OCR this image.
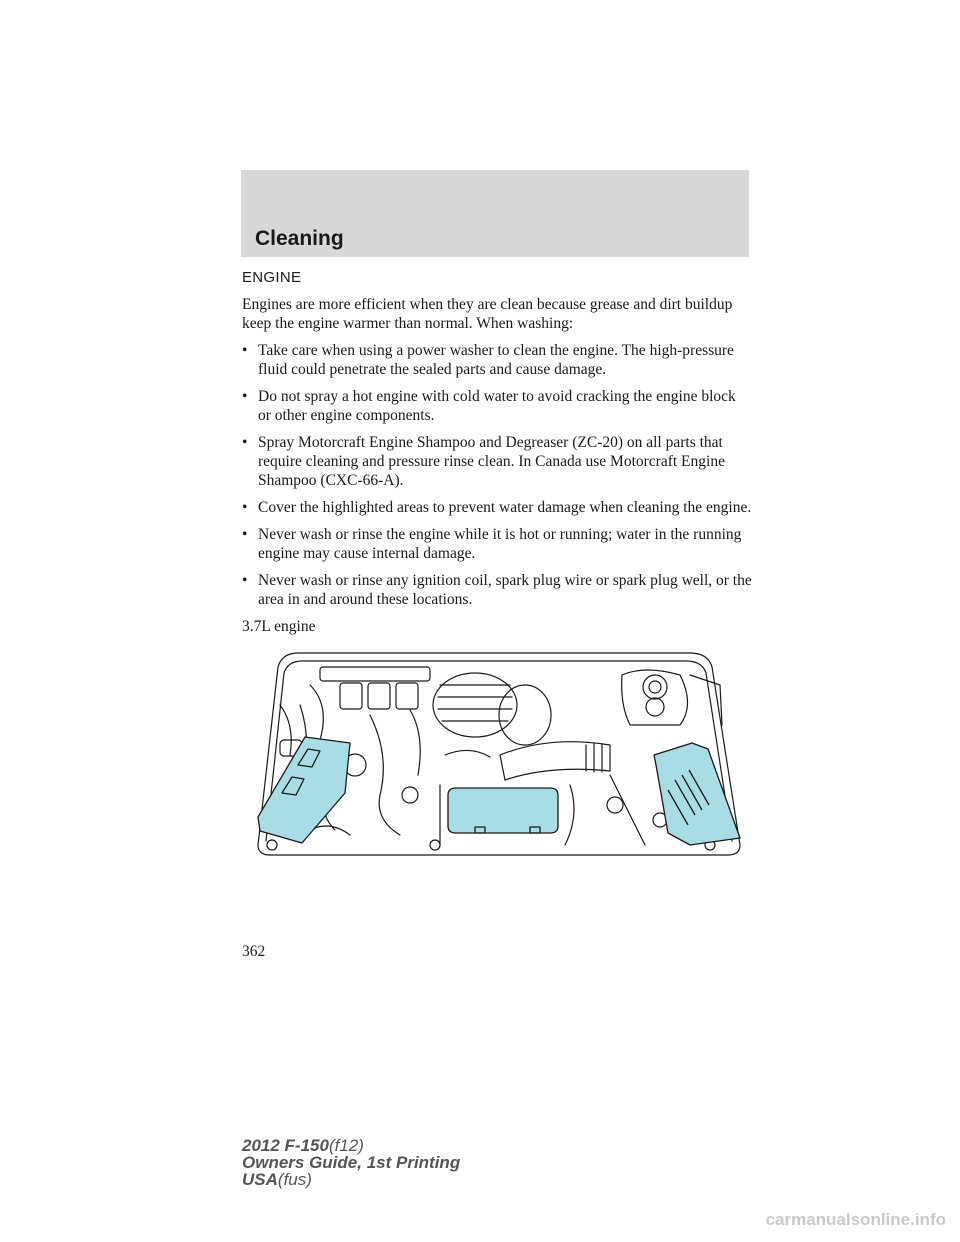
Cleaning
ENGINE

Engines are more efficient when they are clean because grease and dirt buildup keep the engine warmer than normal. When washing:

• Take care when using a power washer to clean the engine. The high-pressure fluid could penetrate the sealed parts and cause damage.
• Do not spray a hot engine with cold water to avoid cracking the engine block or other engine components.
• Spray Motorcraft Engine Shampoo and Degreaser (ZC-20) on all parts that require cleaning and pressure rinse clean. In Canada use Motorcraft Engine Shampoo (CXC-66-A).
• Cover the highlighted areas to prevent water damage when cleaning the engine.
• Never wash or rinse the engine while it is hot or running; water in the running engine may cause internal damage.
• Never wash or rinse any ignition coil, spark plug wire or spark plug well, or the area in and around these locations.

3.7L engine

362
2012 F-150(f12)
Owners Guide, 1st Printing
USA(fus)
carmanualsonline.info
